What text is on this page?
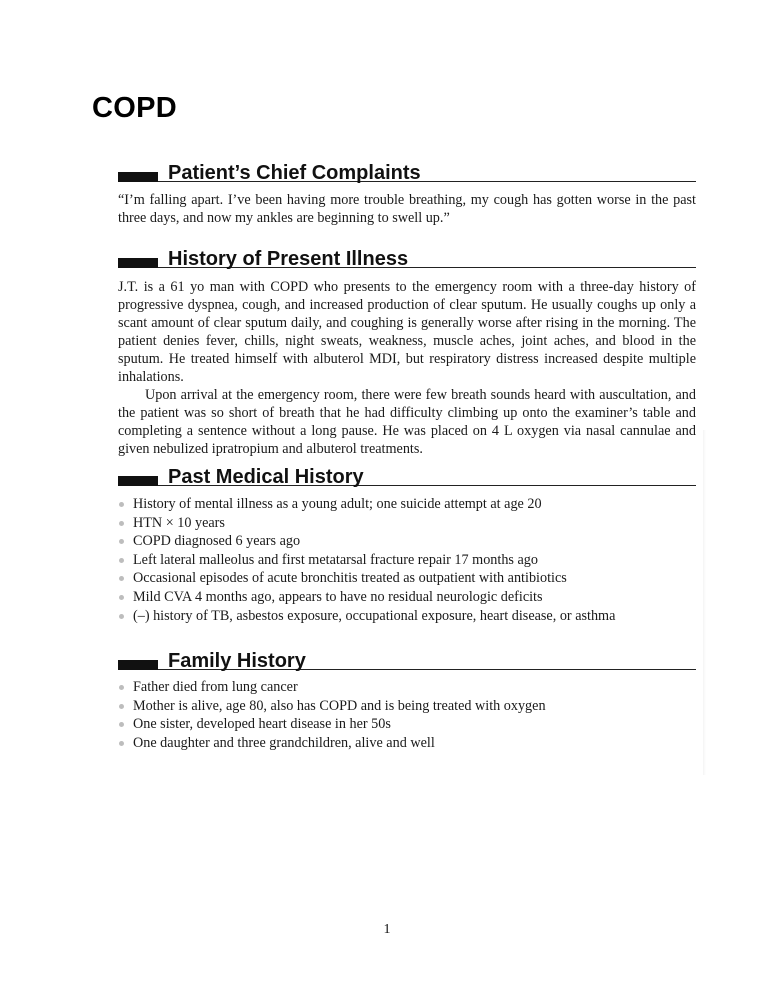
COPD
Patient’s Chief Complaints

“I’m falling apart. I’ve been having more trouble breathing, my cough has gotten worse in the past three days, and now my ankles are beginning to swell up.”

History of Present Illness

J.T. is a 61 yo man with COPD who presents to the emergency room with a three-day history of progressive dyspnea, cough, and increased production of clear sputum. He usually coughs up only a scant amount of clear sputum daily, and coughing is generally worse after rising in the morning. The patient denies fever, chills, night sweats, weakness, muscle aches, joint aches, and blood in the sputum. He treated himself with albuterol MDI, but respiratory distress increased despite multiple inhalations.

Upon arrival at the emergency room, there were few breath sounds heard with auscultation, and the patient was so short of breath that he had difficulty climbing up onto the examiner’s table and completing a sentence without a long pause. He was placed on 4 L oxygen via nasal cannulae and given nebulized ipratropium and albuterol treatments.

Past Medical History
History of mental illness as a young adult; one suicide attempt at age 20
HTN × 10 years
COPD diagnosed 6 years ago
Left lateral malleolus and first metatarsal fracture repair 17 months ago
Occasional episodes of acute bronchitis treated as outpatient with antibiotics
Mild CVA 4 months ago, appears to have no residual neurologic deficits
(–) history of TB, asbestos exposure, occupational exposure, heart disease, or asthma
Family History
Father died from lung cancer
Mother is alive, age 80, also has COPD and is being treated with oxygen
One sister, developed heart disease in her 50s
One daughter and three grandchildren, alive and well
1
